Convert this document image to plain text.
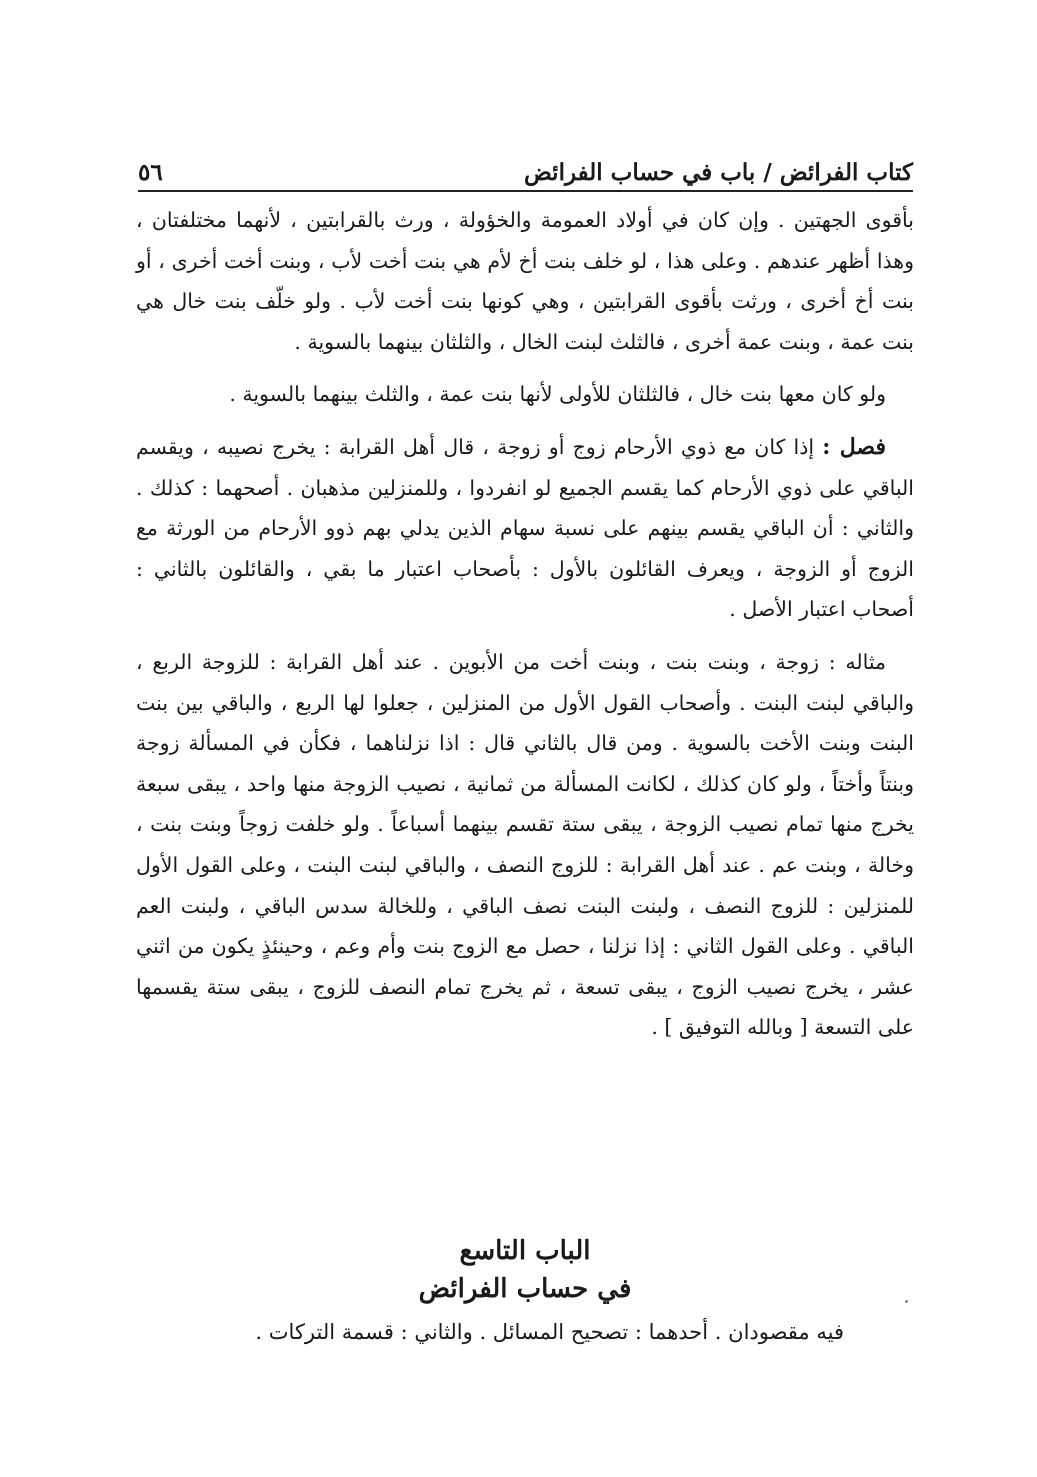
كتاب الفرائض / باب في حساب الفرائض
٥٦

بأقوى الجهتين . وإن كان في أولاد العمومة والخؤولة ، ورث بالقرابتين ، لأنهما مختلفتان ، وهذا أظهر عندهم . وعلى هذا ، لو خلف بنت أخ لأم هي بنت أخت لأب ، وبنت أخت أخرى ، أو بنت أخ أخرى ، ورثت بأقوى القرابتين ، وهي كونها بنت أخت لأب . ولو خلّف بنت خال هي بنت عمة ، وبنت عمة أخرى ، فالثلث لبنت الخال ، والثلثان بينهما بالسوية .

ولو كان معها بنت خال ، فالثلثان للأولى لأنها بنت عمة ، والثلث بينهما بالسوية .

فصل : إذا كان مع ذوي الأرحام زوج أو زوجة ، قال أهل القرابة : يخرج نصيبه ، ويقسم الباقي على ذوي الأرحام كما يقسم الجميع لو انفردوا ، وللمنزلين مذهبان . أصحهما : كذلك . والثاني : أن الباقي يقسم بينهم على نسبة سهام الذين يدلي بهم ذوو الأرحام من الورثة مع الزوج أو الزوجة ، ويعرف القائلون بالأول : بأصحاب اعتبار ما بقي ، والقائلون بالثاني : أصحاب اعتبار الأصل .

مثاله : زوجة ، وبنت بنت ، وبنت أخت من الأبوين . عند أهل القرابة : للزوجة الربع ، والباقي لبنت البنت . وأصحاب القول الأول من المنزلين ، جعلوا لها الربع ، والباقي بين بنت البنت وبنت الأخت بالسوية . ومن قال بالثاني قال : اذا نزلناهما ، فكأن في المسألة زوجة وبنتاً وأختاً ، ولو كان كذلك ، لكانت المسألة من ثمانية ، نصيب الزوجة منها واحد ، يبقى سبعة يخرج منها تمام نصيب الزوجة ، يبقى ستة تقسم بينهما أسباعاً . ولو خلفت زوجاً وبنت بنت ، وخالة ، وبنت عم . عند أهل القرابة : للزوج النصف ، والباقي لبنت البنت ، وعلى القول الأول للمنزلين : للزوج النصف ، ولبنت البنت نصف الباقي ، وللخالة سدس الباقي ، ولبنت العم الباقي . وعلى القول الثاني : إذا نزلنا ، حصل مع الزوج بنت وأم وعم ، وحينئذٍ يكون من اثني عشر ، يخرج نصيب الزوج ، يبقى تسعة ، ثم يخرج تمام النصف للزوج ، يبقى ستة يقسمها على التسعة [ وبالله التوفيق ] .

الباب التاسع
في حساب الفرائض
فيه مقصودان . أحدهما : تصحيح المسائل . والثاني : قسمة التركات .
